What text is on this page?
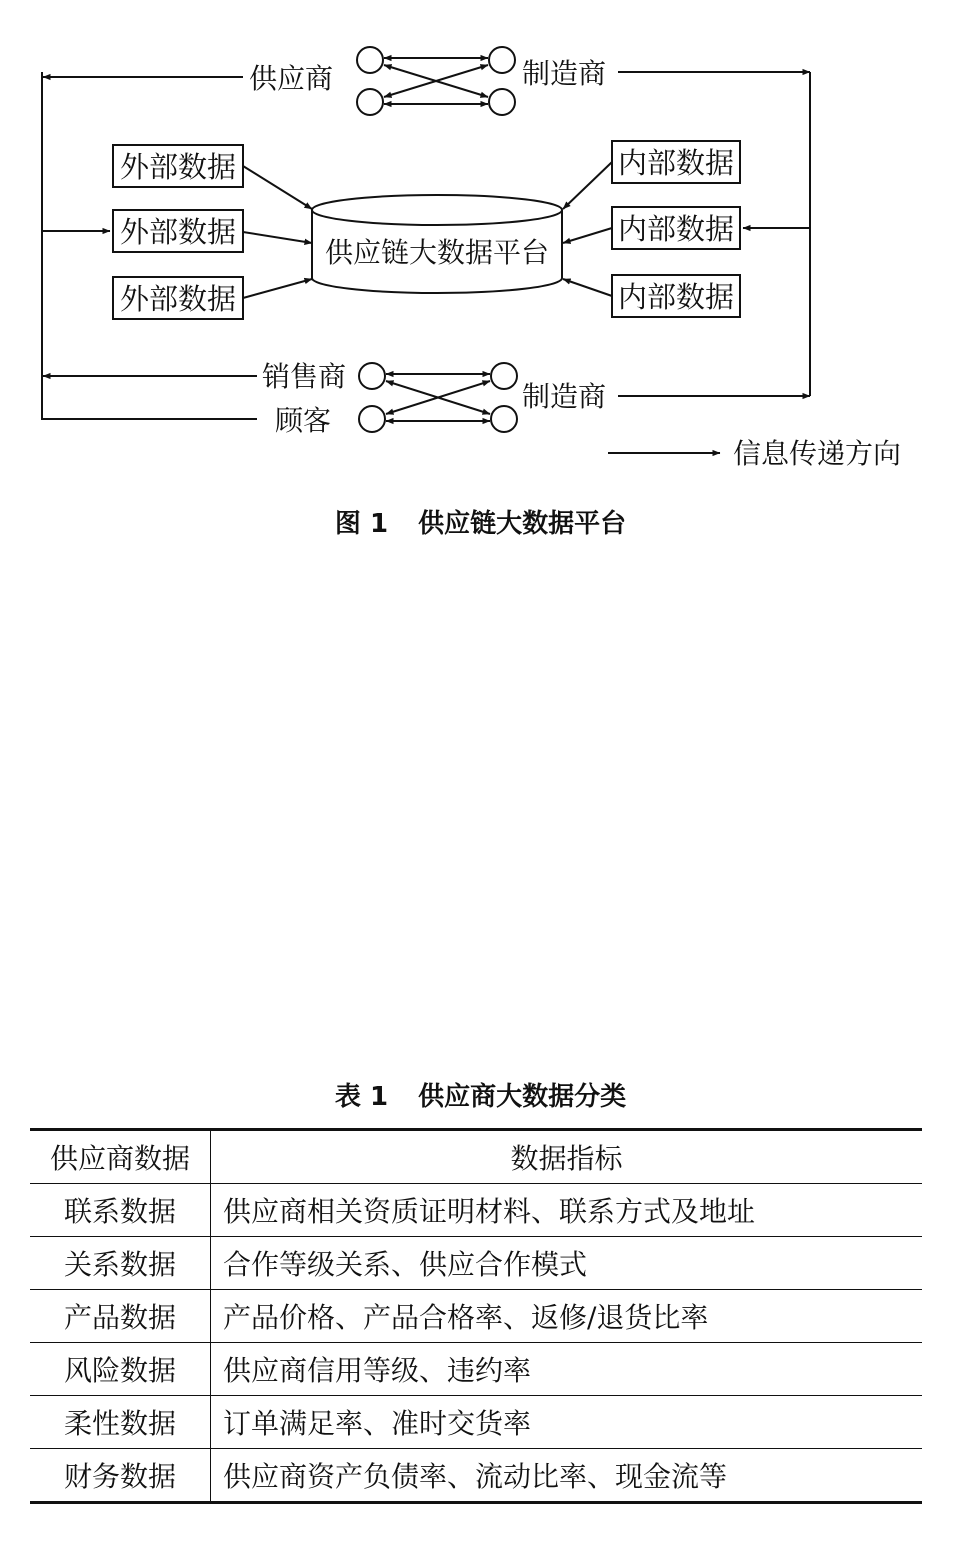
供应商	制造商
销售商
顾客
制造商
供应链大数据平台
外部数据
外部数据
外部数据
内部数据
内部数据
内部数据
信息传递方向
图 1 供应链大数据平台
表 1 供应商大数据分类
供应商数据	数据指标
联系数据	供应商相关资质证明材料、联系方式及地址
关系数据	合作等级关系、供应合作模式
产品数据	产品价格、产品合格率、返修/退货比率
风险数据	供应商信用等级、违约率
柔性数据	订单满足率、准时交货率
财务数据	供应商资产负债率、流动比率、现金流等
